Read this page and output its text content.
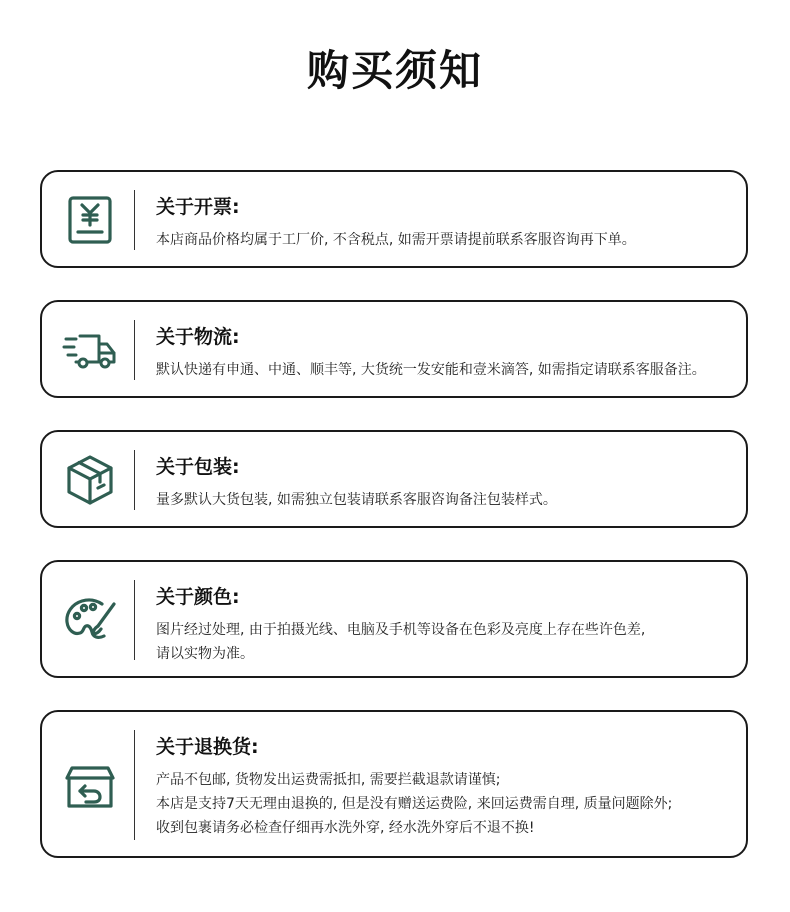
购买须知
关于开票:
本店商品价格均属于工厂价, 不含税点, 如需开票请提前联系客服咨询再下单。
关于物流:
默认快递有申通、中通、顺丰等, 大货统一发安能和壹米滴答, 如需指定请联系客服备注。
关于包装:
量多默认大货包装, 如需独立包装请联系客服咨询备注包装样式。
关于颜色:
图片经过处理, 由于拍摄光线、电脑及手机等设备在色彩及亮度上存在些许色差,
请以实物为准。
关于退换货:
产品不包邮, 货物发出运费需抵扣, 需要拦截退款请谨慎;
本店是支持7天无理由退换的, 但是没有赠送运费险, 来回运费需自理, 质量问题除外;
收到包裹请务必检查仔细再水洗外穿, 经水洗外穿后不退不换!
